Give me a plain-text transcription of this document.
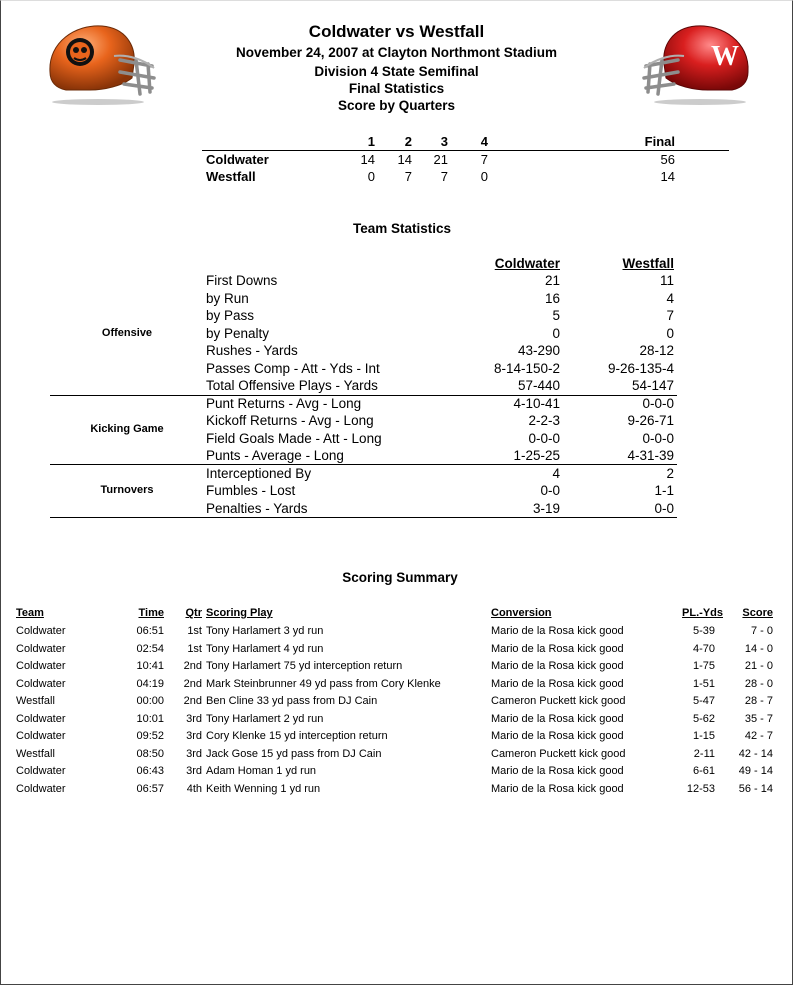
W
Coldwater vs Westfall
November 24, 2007 at Clayton Northmont Stadium
Division 4 State Semifinal
Final Statistics
Score by Quarters
1	2	3	4	Final
Coldwater	14	14	21	7	56
Westfall	0	7	7	0	14
Team Statistics
Coldwater	Westfall
First Downs	21	11
by Run	16	4
by Pass	5	7
by Penalty	0	0
Rushes - Yards	43-290	28-12
Passes Comp - Att - Yds - Int	8-14-150-2	9-26-135-4
Total Offensive Plays - Yards	57-440	54-147
Punt Returns - Avg - Long	4-10-41	0-0-0
Kickoff Returns - Avg - Long	2-2-3	9-26-71
Field Goals Made - Att - Long	0-0-0	0-0-0
Punts - Average - Long	1-25-25	4-31-39
Interceptioned By	4	2
Fumbles - Lost	0-0	1-1
Penalties - Yards	3-19	0-0
Offensive
Kicking Game
Turnovers
Scoring Summary
Team	Time	Qtr Scoring Play	Conversion	PL.-Yds	Score
Coldwater	06:51	1st Tony Harlamert 3 yd run	Mario de la Rosa kick good	5-39	7 - 0
Coldwater	02:54	1st Tony Harlamert 4 yd run	Mario de la Rosa kick good	4-70	14 - 0
Coldwater	10:41	2nd Tony Harlamert 75 yd interception return	Mario de la Rosa kick good	1-75	21 - 0
Coldwater	04:19	2nd Mark Steinbrunner 49 yd pass from Cory Klenke	Mario de la Rosa kick good	1-51	28 - 0
Westfall	00:00	2nd Ben Cline 33 yd pass from DJ Cain	Cameron Puckett kick good	5-47	28 - 7
Coldwater	10:01	3rd Tony Harlamert 2 yd run	Mario de la Rosa kick good	5-62	35 - 7
Coldwater	09:52	3rd Cory Klenke 15 yd interception return	Mario de la Rosa kick good	1-15	42 - 7
Westfall	08:50	3rd Jack Gose 15 yd pass from DJ Cain	Cameron Puckett kick good	2-11	42 - 14
Coldwater	06:43	3rd Adam Homan 1 yd run	Mario de la Rosa kick good	6-61	49 - 14
Coldwater	06:57	4th Keith Wenning 1 yd run	Mario de la Rosa kick good	12-53	56 - 14
